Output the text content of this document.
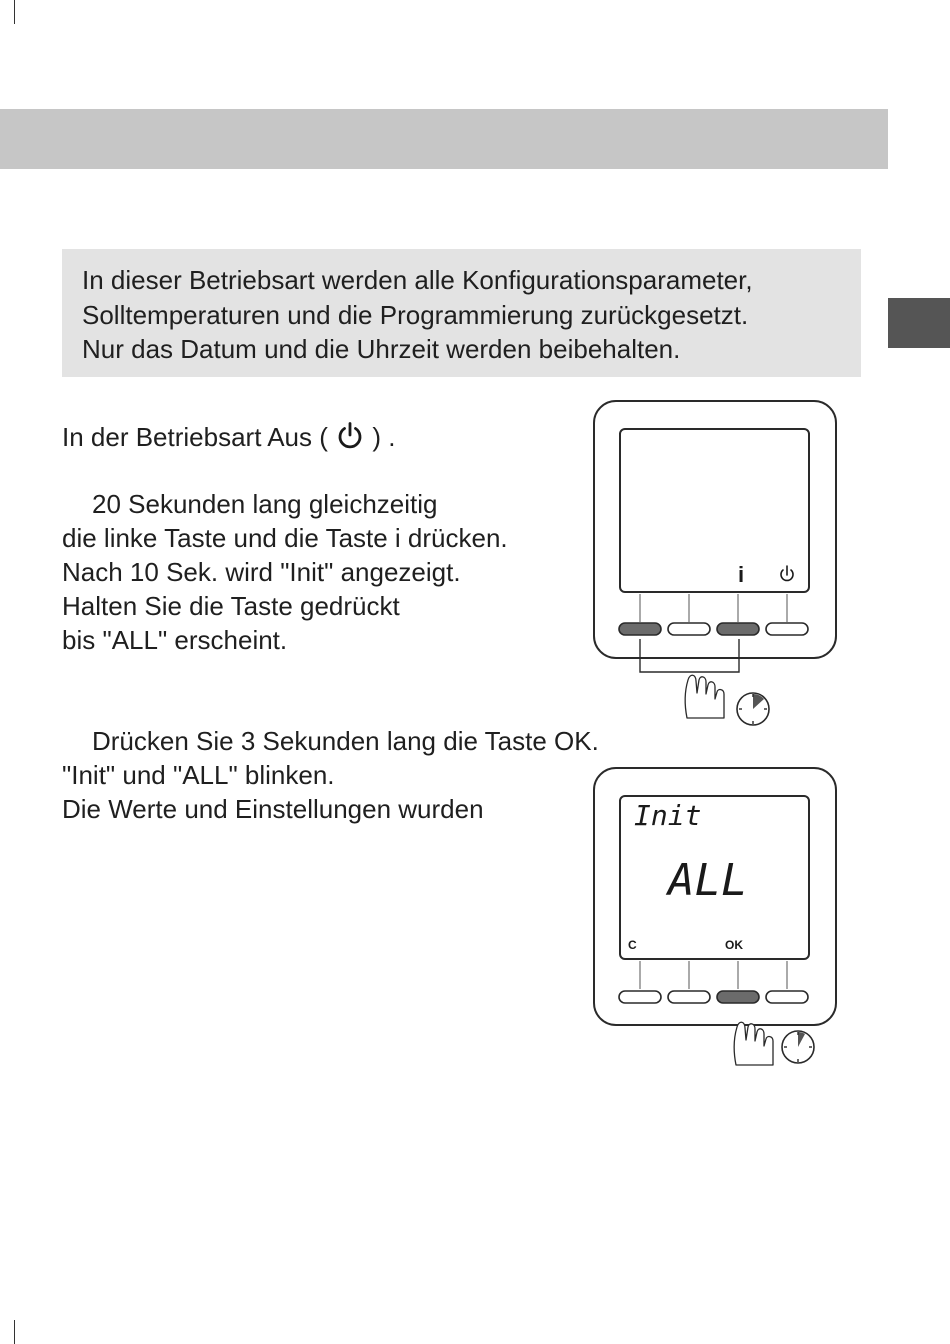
In dieser Betriebsart werden alle Konfigurationsparameter,
Solltemperaturen und die Programmierung zurückgesetzt.
Nur das Datum und die Uhrzeit werden beibehalten.
In der Betriebsart Aus ( ) .
20 Sekunden lang gleichzeitig
die linke Taste und die Taste i drücken.
Nach 10 Sek. wird "Init" angezeigt.
Halten Sie die Taste gedrückt
bis "ALL" erscheint.
Drücken Sie 3 Sekunden lang die Taste OK.
"Init" und "ALL" blinken.
Die Werte und Einstellungen wurden
i
Init
ALL
C	OK
